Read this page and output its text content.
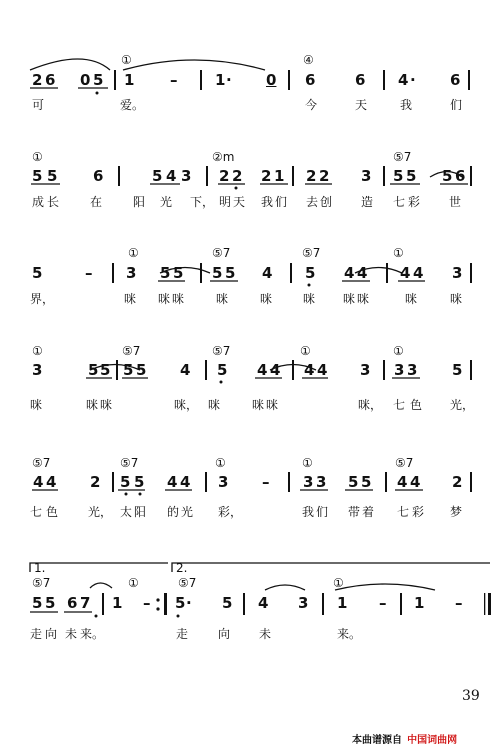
①	④
2 6 0 5 1 –	1 · 0 6	6 4 · 6
可	爱。	今	天	我	们
①	②m	⑤7
5 5 6	5 4 3 2 2 2 1 2 2 3 5 5 5 6
成 长	在	阳 光 下， 明 天 我 们 去 创 造 七 彩 世
①	⑤7	⑤7	①
5	– 3 5 5 5 5 4 5 4 4 4 4 3
界，	咪 咪 咪	咪	咪	咪 咪 咪	咪	咪
①	⑤7	⑤7	①	①
3	5 5 5 5 4 5 4 4 4 4 3 3 3 5
咪	咪 咪	咪， 咪	咪 咪	咪， 七 色 光，
⑤7	⑤7	①	①	⑤7
4 4 2 5 5 4 4 3 – 3 3 5 5 4 4 2
七 色 光， 太 阳 的 光 彩，	我 们 带 着 七 彩 梦
1.	2.
⑤7	①	⑤7	①
5 5 6 7 1 – 5 · 5 4 3 1 – 1 –
走 向 未 来。	走 向 未	来。
39
本曲谱源自 中国词曲网
